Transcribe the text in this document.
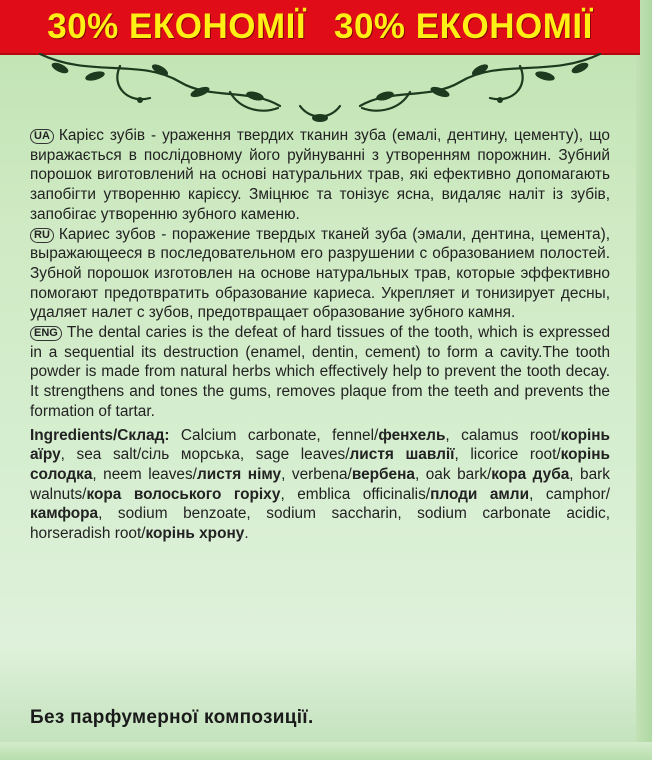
30% ЕКОНОМІЇ 30% ЕКОНОМІЇ

UA Карієс зубів - ураження твердих тканин зуба (емалі, дентину, цементу), що виражається в послідовному його руйнуванні з утворенням порожнин. Зубний порошок виготовлений на основі натуральних трав, які ефективно допомагають запобігти утворенню карієсу. Зміцнює та тонізує ясна, видаляє наліт із зубів, запобігає утворенню зубного каменю.

RU Кариес зубов - поражение твердых тканей зуба (эмали, дентина, цемента), выражающееся в последовательном его разрушении с образованием полостей. Зубной порошок изготовлен на основе натуральных трав, которые эффективно помогают предотвратить образование кариеса. Укрепляет и тонизирует десны, удаляет налет с зубов, предотвращает образование зубного камня.

ENG The dental caries is the defeat of hard tissues of the tooth, which is expressed in a sequential its destruction (enamel, dentin, cement) to form a cavity.The tooth powder is made from natural herbs which effectively help to prevent the tooth decay. It strengthens and tones the gums, removes plaque from the teeth and prevents the formation of tartar.

Ingredients/Склад: Calcium carbonate, fennel/фенхель, calamus root/корінь аїру, sea salt/сіль морська, sage leaves/листя шавлії, licorice root/корінь солодка, neem leaves/листя німу, verbena/вербена, oak bark/кора дуба, bark walnuts/кора волоського горіху, emblica officinalis/плоди амли, camphor/камфора, sodium benzoate, sodium saccharin, sodium carbonate acidic, horseradish root/корінь хрону.

Без парфумерної композиції.
